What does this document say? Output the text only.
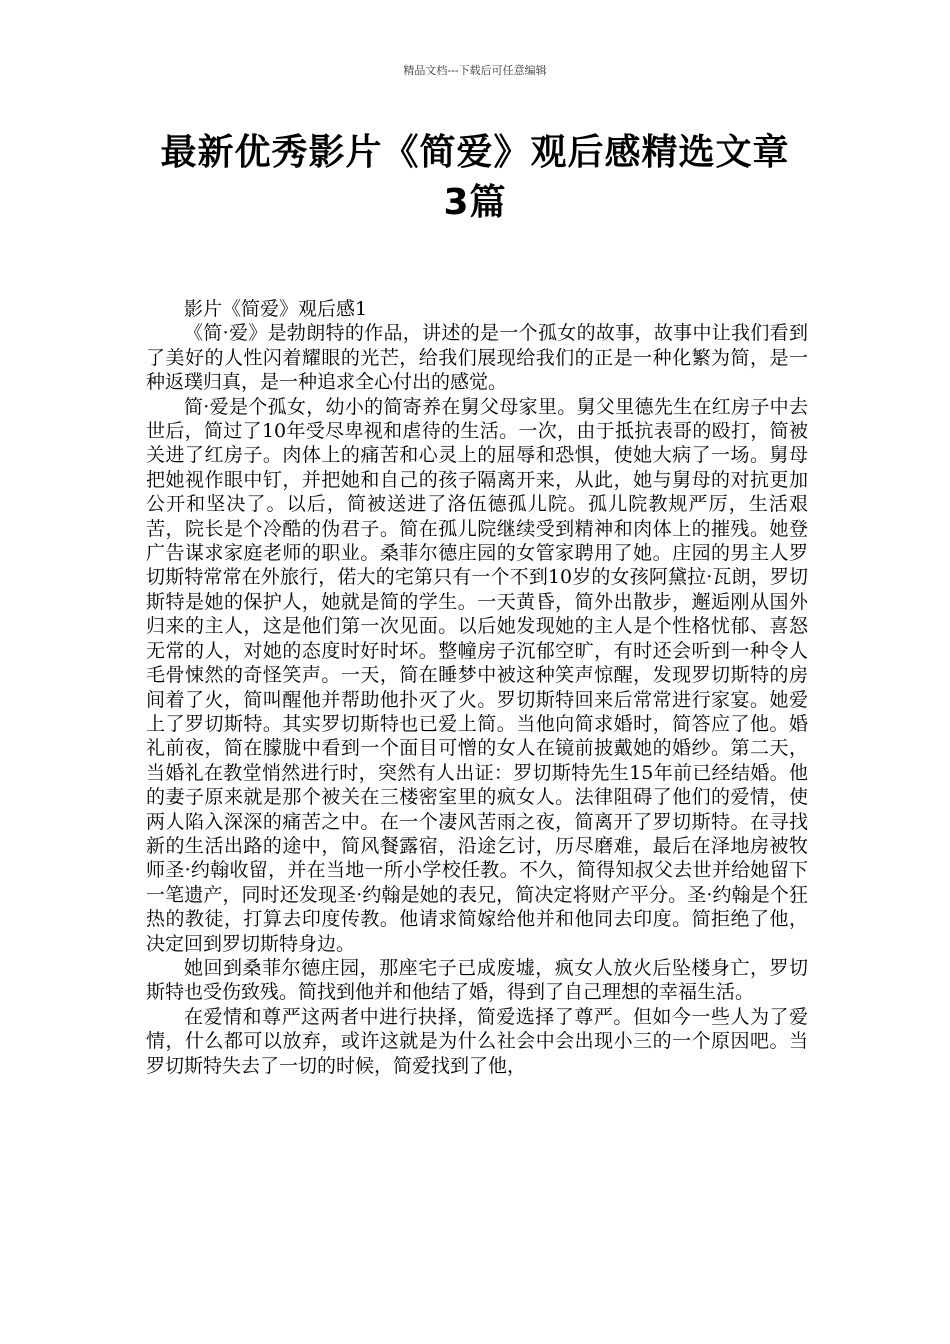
精品文档---下载后可任意编辑
最新优秀影片《简爱》观后感精选文章
3篇

影片《简爱》观后感1

《简·爱》是勃朗特的作品，讲述的是一个孤女的故事，故事中让我们看到了美好的人性闪着耀眼的光芒，给我们展现给我们的正是一种化繁为简，是一种返璞归真，是一种追求全心付出的感觉。

简·爱是个孤女，幼小的简寄养在舅父母家里。舅父里德先生在红房子中去世后，简过了10年受尽卑视和虐待的生活。一次，由于抵抗表哥的殴打，简被关进了红房子。肉体上的痛苦和心灵上的屈辱和恐惧，使她大病了一场。舅母把她视作眼中钉，并把她和自己的孩子隔离开来，从此，她与舅母的对抗更加公开和坚决了。以后，简被送进了洛伍德孤儿院。孤儿院教规严厉，生活艰苦，院长是个冷酷的伪君子。简在孤儿院继续受到精神和肉体上的摧残。她登广告谋求家庭老师的职业。桑菲尔德庄园的女管家聘用了她。庄园的男主人罗切斯特常常在外旅行，偌大的宅第只有一个不到10岁的女孩阿黛拉·瓦朗，罗切斯特是她的保护人，她就是简的学生。一天黄昏，简外出散步，邂逅刚从国外归来的主人，这是他们第一次见面。以后她发现她的主人是个性格忧郁、喜怒无常的人，对她的态度时好时坏。整幢房子沉郁空旷，有时还会听到一种令人毛骨悚然的奇怪笑声。一天，简在睡梦中被这种笑声惊醒，发现罗切斯特的房间着了火，简叫醒他并帮助他扑灭了火。罗切斯特回来后常常进行家宴。她爱上了罗切斯特。其实罗切斯特也已爱上简。当他向简求婚时，简答应了他。婚礼前夜，简在朦胧中看到一个面目可憎的女人在镜前披戴她的婚纱。第二天，当婚礼在教堂悄然进行时，突然有人出证：罗切斯特先生15年前已经结婚。他的妻子原来就是那个被关在三楼密室里的疯女人。法律阻碍了他们的爱情，使两人陷入深深的痛苦之中。在一个凄风苦雨之夜，简离开了罗切斯特。在寻找新的生活出路的途中，简风餐露宿，沿途乞讨，历尽磨难，最后在泽地房被牧师圣·约翰收留，并在当地一所小学校任教。不久，简得知叔父去世并给她留下一笔遗产，同时还发现圣·约翰是她的表兄，简决定将财产平分。圣·约翰是个狂热的教徒，打算去印度传教。他请求简嫁给他并和他同去印度。简拒绝了他，决定回到罗切斯特身边。

她回到桑菲尔德庄园，那座宅子已成废墟，疯女人放火后坠楼身亡，罗切斯特也受伤致残。简找到他并和他结了婚，得到了自己理想的幸福生活。

在爱情和尊严这两者中进行抉择，简爱选择了尊严。但如今一些人为了爱情，什么都可以放弃，或许这就是为什么社会中会出现小三的一个原因吧。当罗切斯特失去了一切的时候，简爱找到了他，
